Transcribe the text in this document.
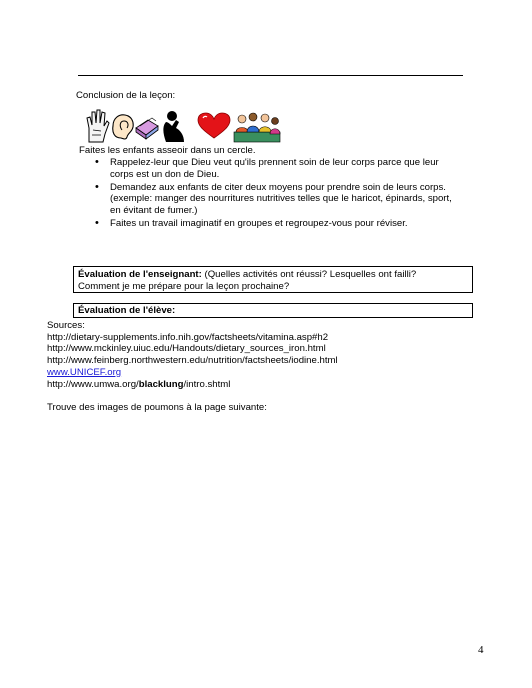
Conclusion de la leçon:
Faites les enfants asseoir dans un cercle.
• Rappelez-leur que Dieu veut qu'ils prennent soin de leur corps parce que leur
corps est un don de Dieu.
• Demandez aux enfants de citer deux moyens pour prendre soin de leurs corps.
(exemple: manger des nourritures nutritives telles que le haricot, épinards, sport,
en évitant de fumer.)
• Faites un travail imaginatif en groupes et regroupez-vous pour réviser.
Évaluation de l'enseignant: (Quelles activités ont réussi? Lesquelles ont failli?
Comment je me prépare pour la leçon prochaine?
Évaluation de l'élève:
Sources:
http://dietary-supplements.info.nih.gov/factsheets/vitamina.asp#h2
http://www.mckinley.uiuc.edu/Handouts/dietary_sources_iron.html
http://www.feinberg.northwestern.edu/nutrition/factsheets/iodine.html
www.UNICEF.org
http://www.umwa.org/blacklung/intro.shtml
Trouve des images de poumons à la page suivante:
4
